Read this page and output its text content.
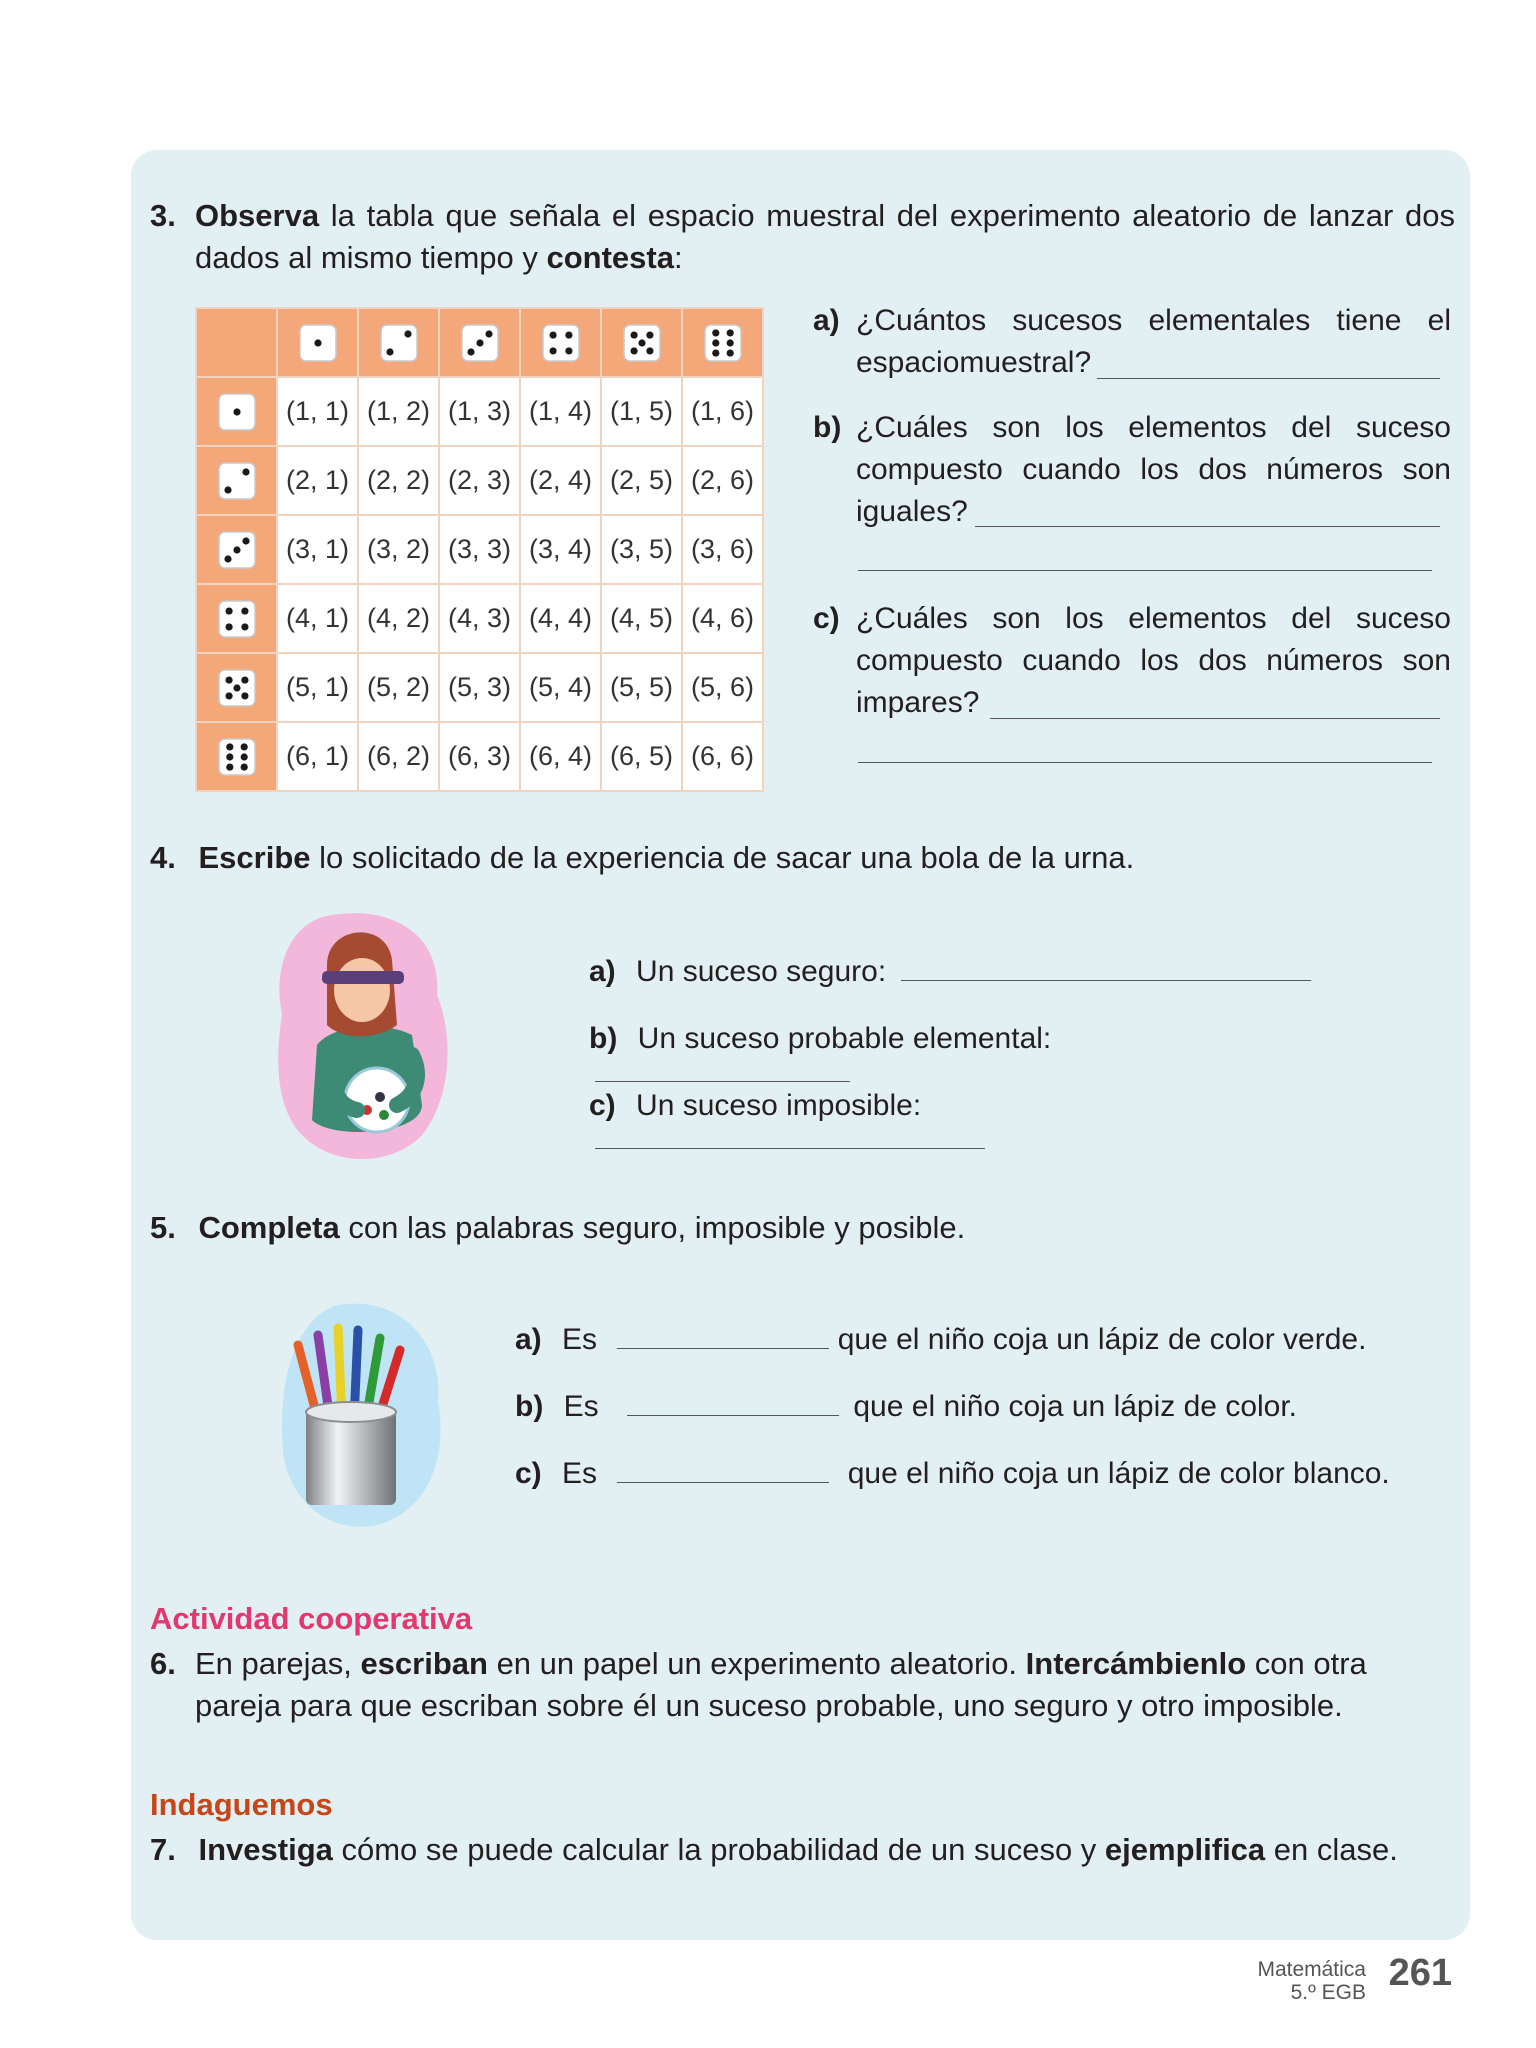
3. Observa la tabla que señala el espacio muestral del experimento aleatorio de lanzar dos dados al mismo tiempo y contesta:

	(1, 1)	(1, 2)	(1, 3)	(1, 4)	(1, 5)	(1, 6)

	(2, 1)	(2, 2)	(2, 3)	(2, 4)	(2, 5)	(2, 6)

	(3, 1)	(3, 2)	(3, 3)	(3, 4)	(3, 5)	(3, 6)

	(4, 1)	(4, 2)	(4, 3)	(4, 4)	(4, 5)	(4, 6)

	(5, 1)	(5, 2)	(5, 3)	(5, 4)	(5, 5)	(5, 6)

	(6, 1)	(6, 2)	(6, 3)	(6, 4)	(6, 5)	(6, 6)
a) ¿Cuántos sucesos elementales tiene el espaciomuestral?
b) ¿Cuáles son los elementos del suceso compuesto cuando los dos números son iguales?
c) ¿Cuáles son los elementos del suceso compuesto cuando los dos números son impares?
4. Escribe lo solicitado de la experiencia de sacar una bola de la urna.
a) Un suceso seguro:
b) Un suceso probable elemental:
c) Un suceso imposible:
5. Completa con las palabras seguro, imposible y posible.
a) Es	que el niño coja un lápiz de color verde.
b) Es	que el niño coja un lápiz de color.
c) Es	que el niño coja un lápiz de color blanco.
Actividad cooperativa
6. En parejas, escriban en un papel un experimento aleatorio. Intercámbienlo con otra pareja para que escriban sobre él un suceso probable, uno seguro y otro imposible.
Indaguemos
7. Investiga cómo se puede calcular la probabilidad de un suceso y ejemplifica en clase.
Matemática
5.º EGB 261
